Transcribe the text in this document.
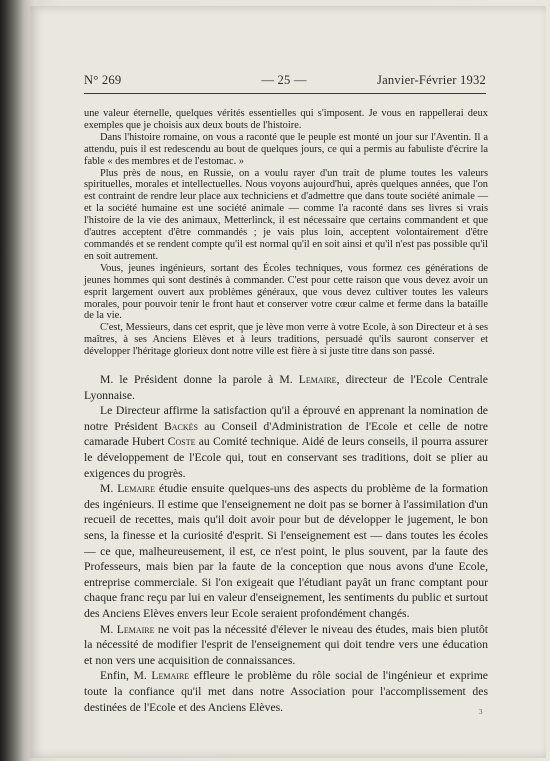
N° 269	— 25 —	Janvier-Février 1932

une valeur éternelle, quelques vérités essentielles qui s'imposent. Je vous en rappellerai deux exemples que je choisis aux deux bouts de l'histoire.

Dans l'histoire romaine, on vous a raconté que le peuple est monté un jour sur l'Aventin. Il a attendu, puis il est redescendu au bout de quelques jours, ce qui a permis au fabuliste d'écrire la fable « des membres et de l'estomac. »

Plus près de nous, en Russie, on a voulu rayer d'un trait de plume toutes les valeurs spirituelles, morales et intellectuelles. Nous voyons aujourd'hui, après quelques années, que l'on est contraint de rendre leur place aux techniciens et d'admettre que dans toute société animale — et la société humaine est une société animale — comme l'a raconté dans ses livres si vrais l'histoire de la vie des animaux, Metterlinck, il est nécessaire que certains commandent et que d'autres acceptent d'être commandés ; je vais plus loin, acceptent volontairement d'être commandés et se rendent compte qu'il est normal qu'il en soit ainsi et qu'il n'est pas possible qu'il en soit autrement.

Vous, jeunes ingénieurs, sortant des Écoles techniques, vous formez ces générations de jeunes hommes qui sont destinés à commander. C'est pour cette raison que vous devez avoir un esprit largement ouvert aux problèmes généraux, que vous devez cultiver toutes les valeurs morales, pour pouvoir tenir le front haut et conserver votre cœur calme et ferme dans la bataille de la vie.

C'est, Messieurs, dans cet esprit, que je lève mon verre à votre Ecole, à son Directeur et à ses maîtres, à ses Anciens Elèves et à leurs traditions, persuadé qu'ils sauront conserver et développer l'héritage glorieux dont notre ville est fière à si juste titre dans son passé.

M. le Président donne la parole à M. Lemaire, directeur de l'Ecole Centrale Lyonnaise.

Le Directeur affirme la satisfaction qu'il a éprouvé en apprenant la nomination de notre Président Backès au Conseil d'Administration de l'Ecole et celle de notre camarade Hubert Coste au Comité technique. Aidé de leurs conseils, il pourra assurer le développement de l'Ecole qui, tout en conservant ses traditions, doit se plier au exigences du progrès.

M. Lemaire étudie ensuite quelques-uns des aspects du problème de la formation des ingénieurs. Il estime que l'enseignement ne doit pas se borner à l'assimilation d'un recueil de recettes, mais qu'il doit avoir pour but de développer le jugement, le bon sens, la finesse et la curiosité d'esprit. Si l'enseignement est — dans toutes les écoles — ce que, malheureusement, il est, ce n'est point, le plus souvent, par la faute des Professeurs, mais bien par la faute de la conception que nous avons d'une Ecole, entreprise commerciale. Si l'on exigeait que l'étudiant payât un franc comptant pour chaque franc reçu par lui en valeur d'enseignement, les sentiments du public et surtout des Anciens Elèves envers leur Ecole seraient profondément changés.

M. Lemaire ne voit pas la nécessité d'élever le niveau des études, mais bien plutôt la nécessité de modifier l'esprit de l'enseignement qui doit tendre vers une éducation et non vers une acquisition de connaissances.

Enfin, M. Lemaire effleure le problème du rôle social de l'ingénieur et exprime toute la confiance qu'il met dans notre Association pour l'accomplissement des destinées de l'Ecole et des Anciens Elèves.	3
